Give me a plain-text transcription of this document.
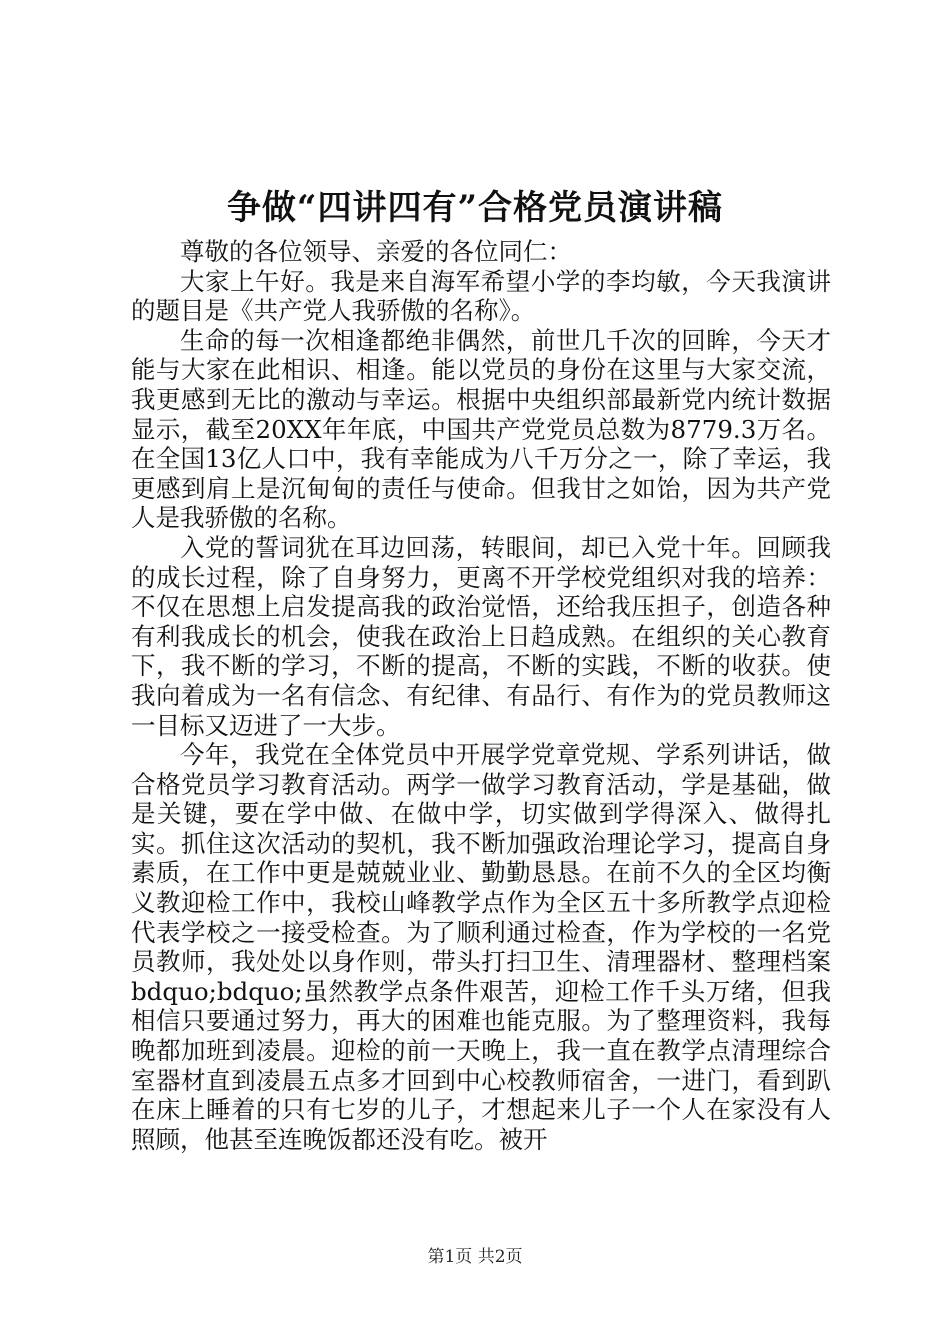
争做“四讲四有”合格党员演讲稿

尊敬的各位领导、亲爱的各位同仁：

大家上午好。我是来自海军希望小学的李均敏，今天我演讲的题目是《共产党人我骄傲的名称》。

生命的每一次相逢都绝非偶然，前世几千次的回眸，今天才能与大家在此相识、相逢。能以党员的身份在这里与大家交流，我更感到无比的激动与幸运。根据中央组织部最新党内统计数据显示，截至20XX年年底，中国共产党党员总数为8779.3万名。在全国13亿人口中，我有幸能成为八千万分之一，除了幸运，我更感到肩上是沉甸甸的责任与使命。但我甘之如饴，因为共产党人是我骄傲的名称。

入党的誓词犹在耳边回荡，转眼间，却已入党十年。回顾我的成长过程，除了自身努力，更离不开学校党组织对我的培养：不仅在思想上启发提高我的政治觉悟，还给我压担子，创造各种有利我成长的机会，使我在政治上日趋成熟。在组织的关心教育下，我不断的学习，不断的提高，不断的实践，不断的收获。使我向着成为一名有信念、有纪律、有品行、有作为的党员教师这一目标又迈进了一大步。

今年，我党在全体党员中开展学党章党规、学系列讲话，做合格党员学习教育活动。两学一做学习教育活动，学是基础，做是关键，要在学中做、在做中学，切实做到学得深入、做得扎实。抓住这次活动的契机，我不断加强政治理论学习，提高自身素质，在工作中更是兢兢业业、勤勤恳恳。在前不久的全区均衡义教迎检工作中，我校山峰教学点作为全区五十多所教学点迎检代表学校之一接受检查。为了顺利通过检查，作为学校的一名党员教师，我处处以身作则，带头打扫卫生、清理器材、整理档案bdquo;bdquo;虽然教学点条件艰苦，迎检工作千头万绪，但我相信只要通过努力，再大的困难也能克服。为了整理资料，我每晚都加班到凌晨。迎检的前一天晚上，我一直在教学点清理综合室器材直到凌晨五点多才回到中心校教师宿舍，一进门，看到趴在床上睡着的只有七岁的儿子，才想起来儿子一个人在家没有人照顾，他甚至连晚饭都还没有吃。被开

第1页 共2页
